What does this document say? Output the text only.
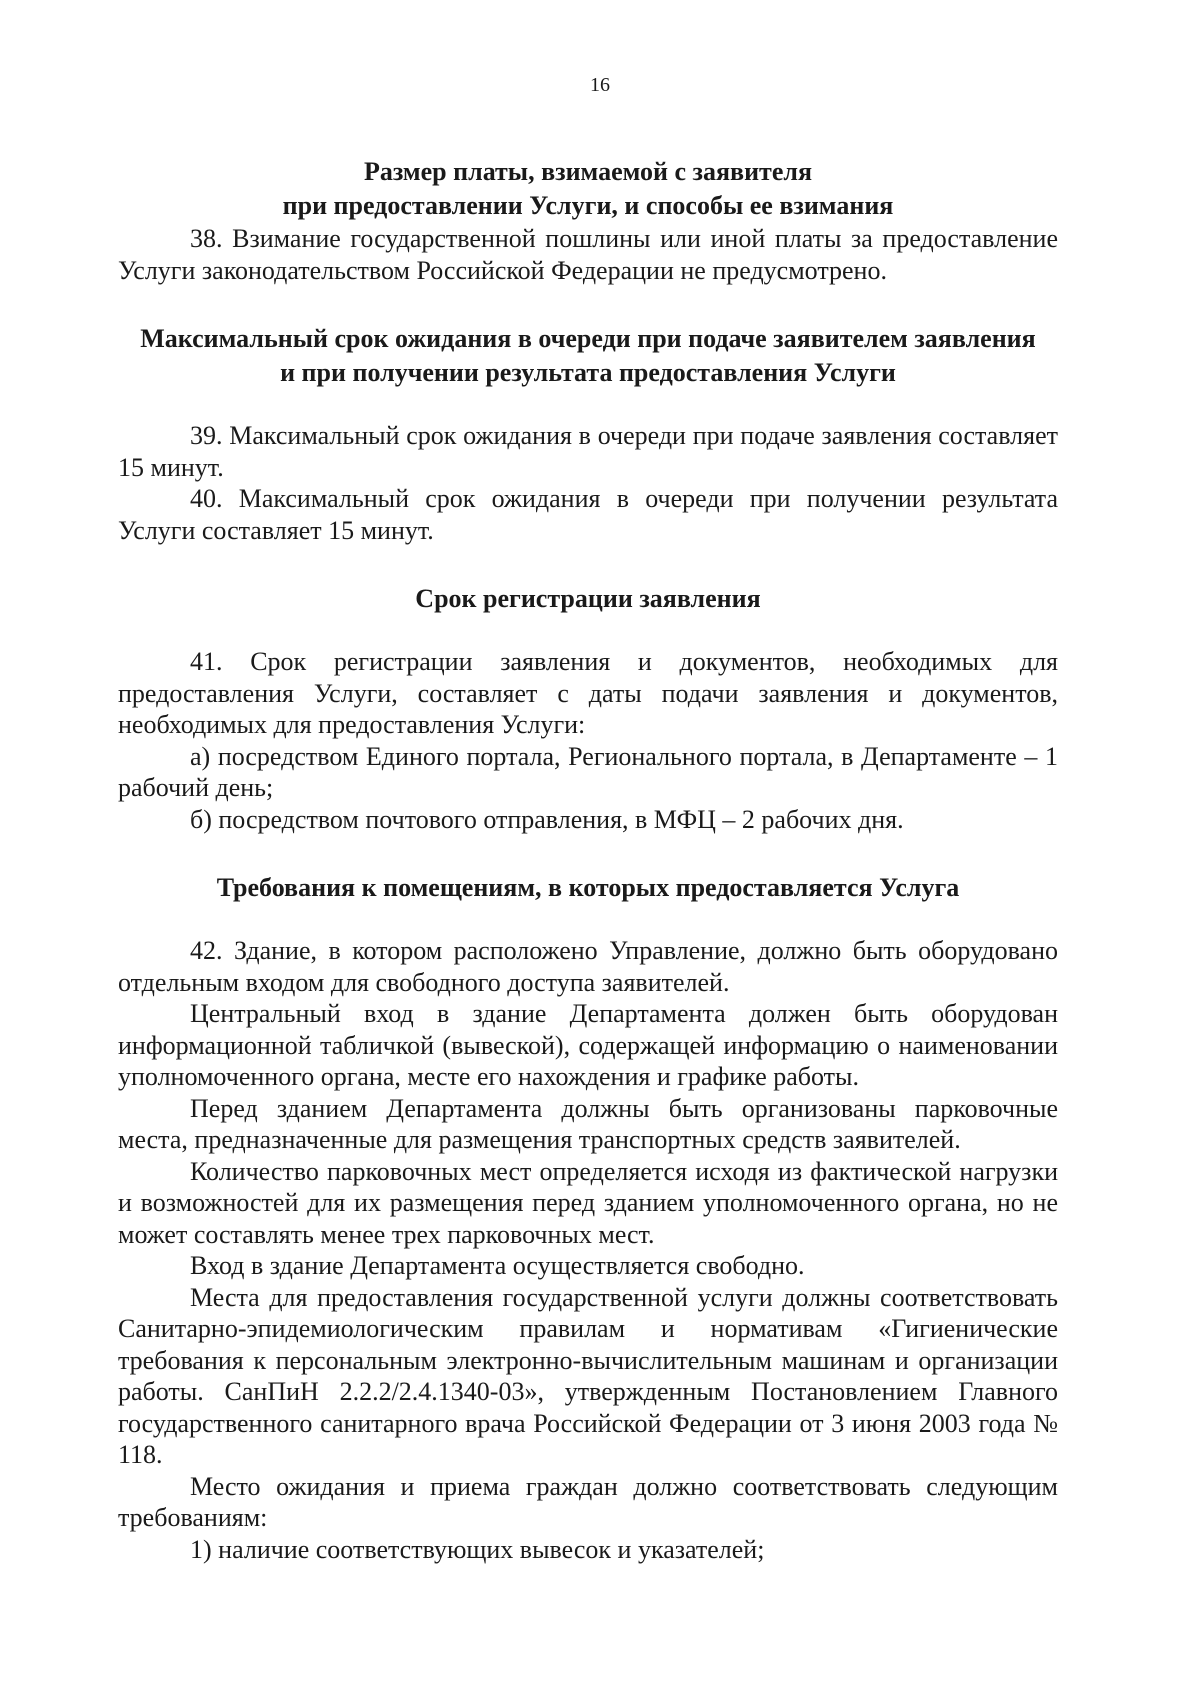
16
Размер платы, взимаемой с заявителя
при предоставлении Услуги, и способы ее взимания

38. Взимание государственной пошлины или иной платы за предоставление Услуги законодательством Российской Федерации не предусмотрено.

Максимальный срок ожидания в очереди при подаче заявителем заявления
и при получении результата предоставления Услуги

39. Максимальный срок ожидания в очереди при подаче заявления составляет 15 минут.

40. Максимальный срок ожидания в очереди при получении результата Услуги составляет 15 минут.

Срок регистрации заявления

41. Срок регистрации заявления и документов, необходимых для предоставления Услуги, составляет с даты подачи заявления и документов, необходимых для предоставления Услуги:

а) посредством Единого портала, Регионального портала, в Департаменте – 1 рабочий день;

б) посредством почтового отправления, в МФЦ – 2 рабочих дня.

Требования к помещениям, в которых предоставляется Услуга

42. Здание, в котором расположено Управление, должно быть оборудовано отдельным входом для свободного доступа заявителей.

Центральный вход в здание Департамента должен быть оборудован информационной табличкой (вывеской), содержащей информацию о наименовании уполномоченного органа, месте его нахождения и графике работы.

Перед зданием Департамента должны быть организованы парковочные места, предназначенные для размещения транспортных средств заявителей.

Количество парковочных мест определяется исходя из фактической нагрузки и возможностей для их размещения перед зданием уполномоченного органа, но не может составлять менее трех парковочных мест.

Вход в здание Департамента осуществляется свободно.

Места для предоставления государственной услуги должны соответствовать Санитарно-эпидемиологическим правилам и нормативам «Гигиенические требования к персональным электронно-вычислительным машинам и организации работы. СанПиН 2.2.2/2.4.1340-03», утвержденным Постановлением Главного государственного санитарного врача Российской Федерации от 3 июня 2003 года № 118.

Место ожидания и приема граждан должно соответствовать следующим требованиям:

1) наличие соответствующих вывесок и указателей;
